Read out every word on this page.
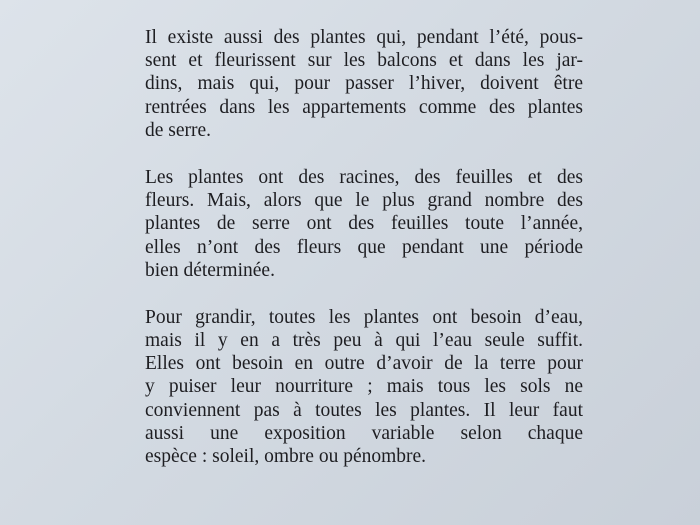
Il existe aussi des plantes qui, pendant l’été, pous-
sent et fleurissent sur les balcons et dans les jar-
dins, mais qui, pour passer l’hiver, doivent être
rentrées dans les appartements comme des plantes
de serre.

Les plantes ont des racines, des feuilles et des
fleurs. Mais, alors que le plus grand nombre des
plantes de serre ont des feuilles toute l’année,
elles n’ont des fleurs que pendant une période
bien déterminée.

Pour grandir, toutes les plantes ont besoin d’eau,
mais il y en a très peu à qui l’eau seule suffit.
Elles ont besoin en outre d’avoir de la terre pour
y puiser leur nourriture ; mais tous les sols ne
conviennent pas à toutes les plantes. Il leur faut
aussi une exposition variable selon chaque
espèce : soleil, ombre ou pénombre.
